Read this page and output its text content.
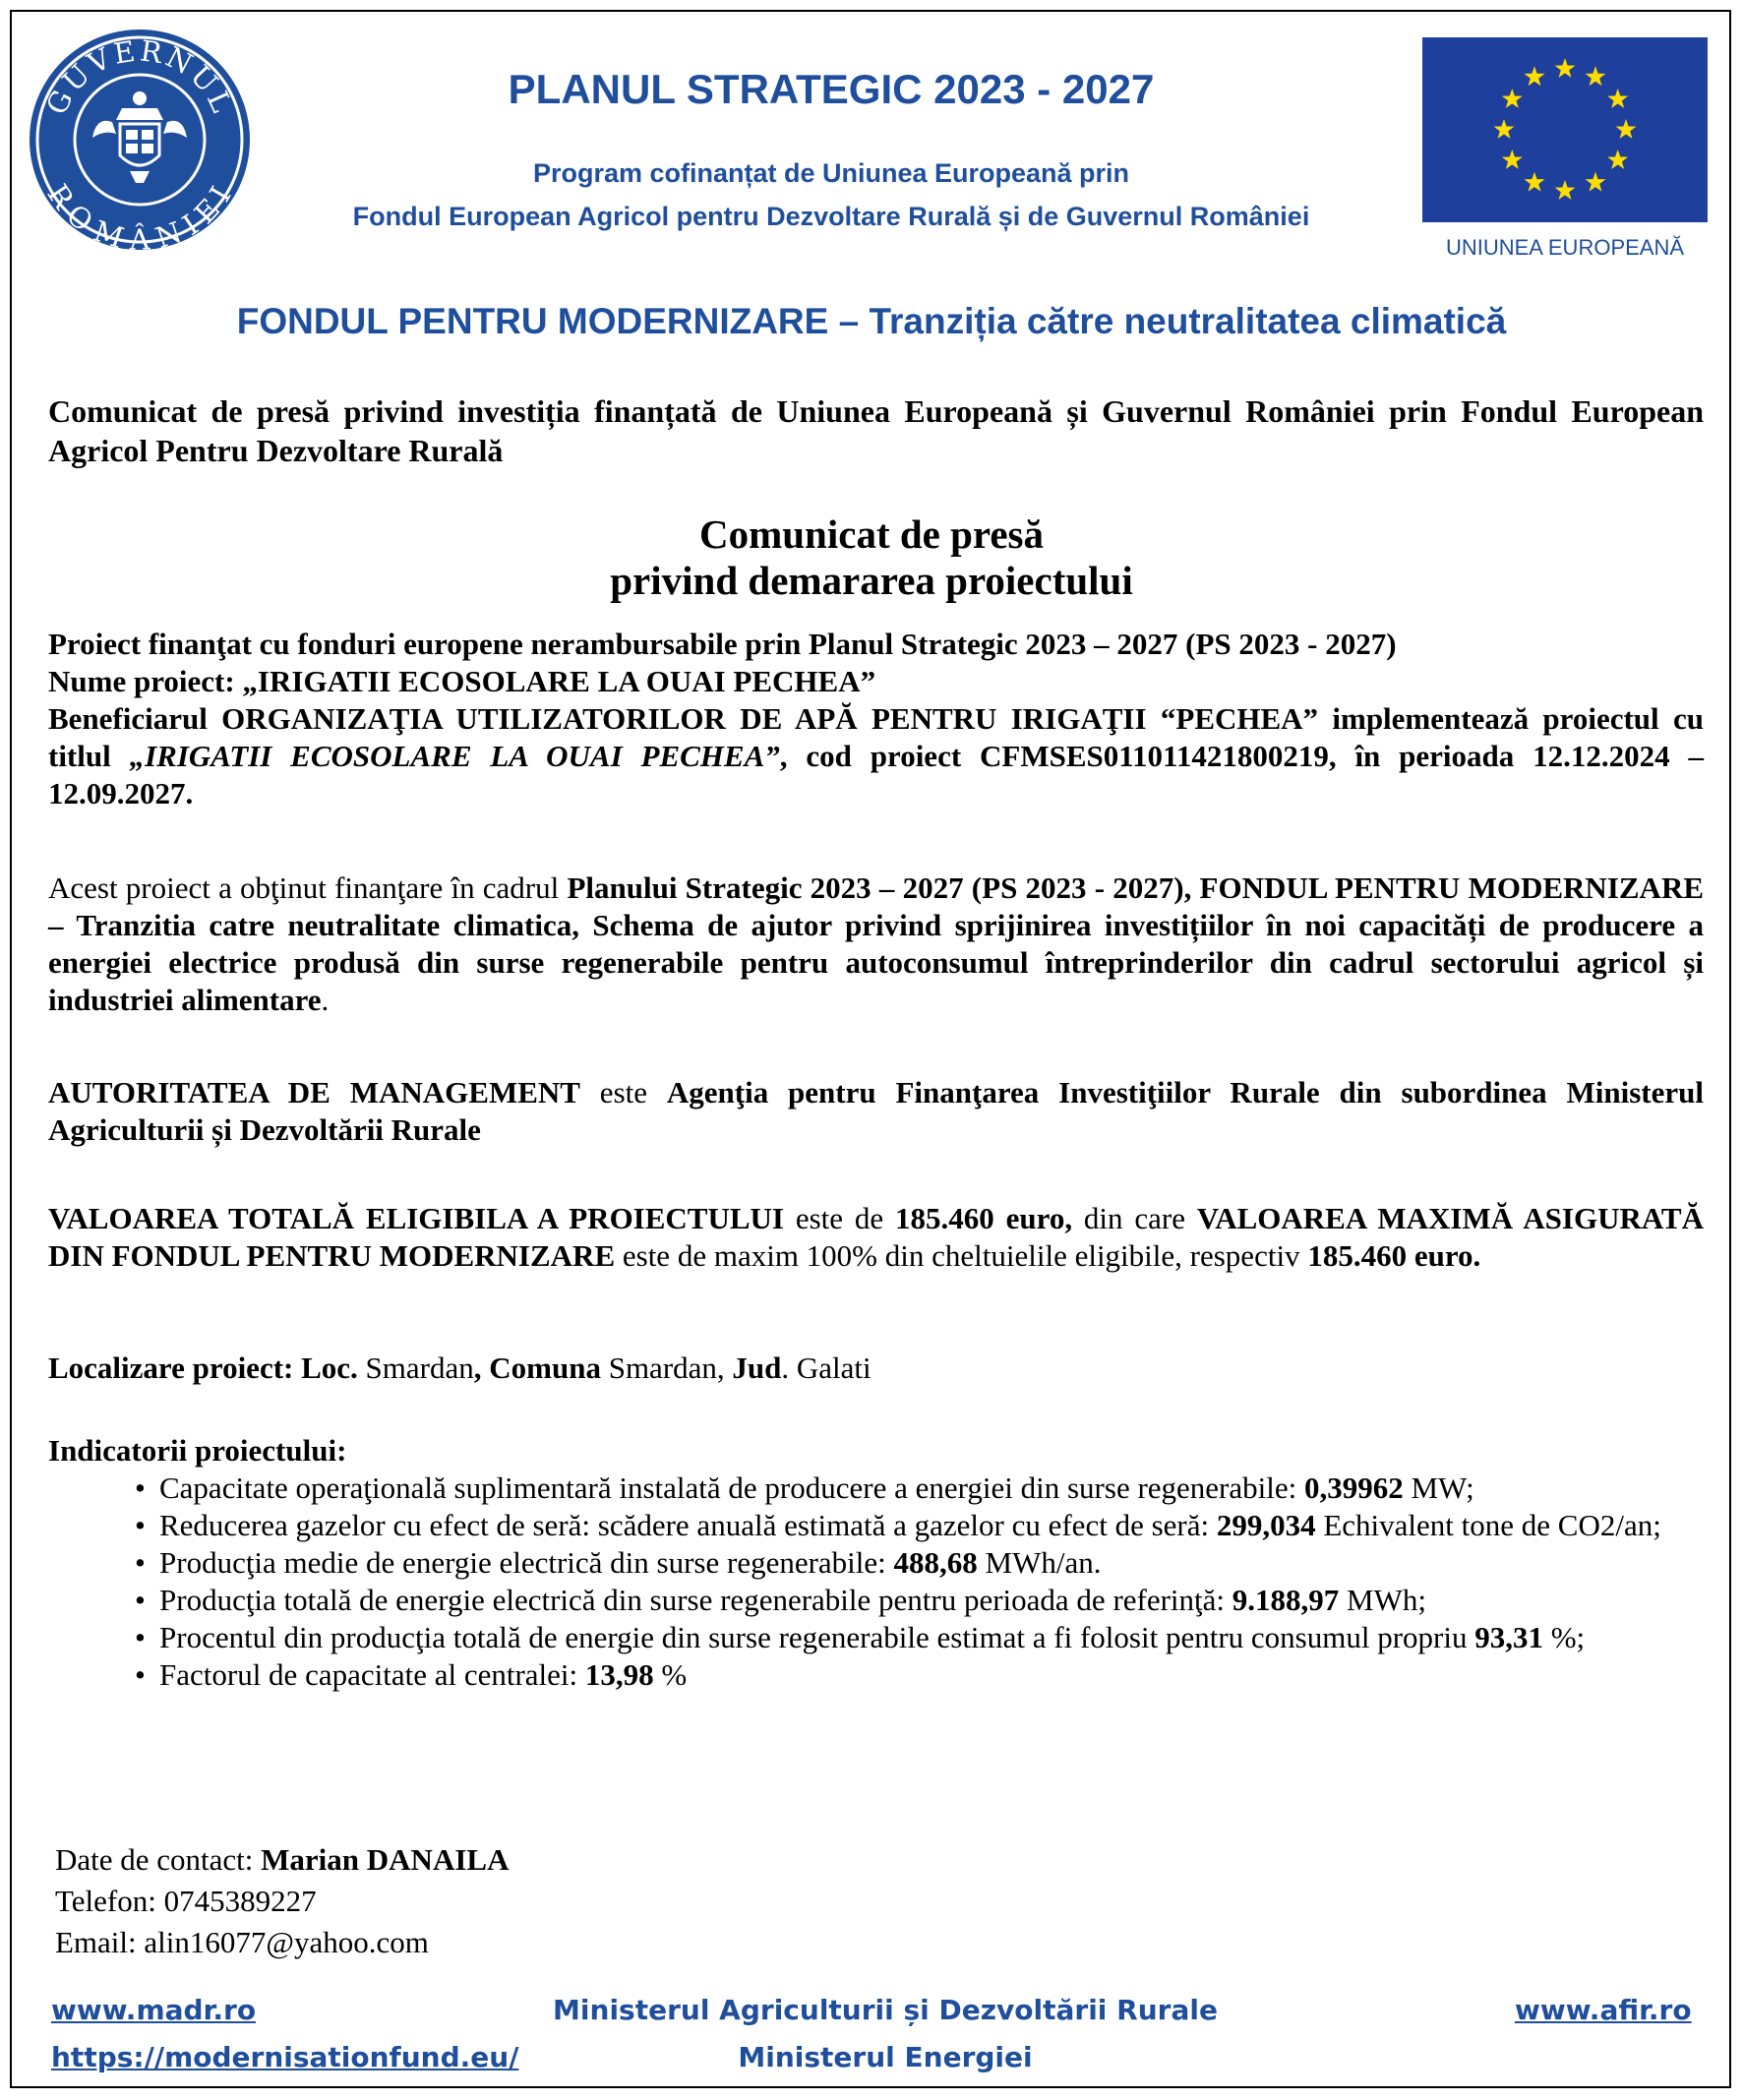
GUVERNUL
ROMÂNIEI
PLANUL STRATEGIC 2023 - 2027
Program cofinanțat de Uniunea Europeană prin
Fondul European Agricol pentru Dezvoltare Rurală și de Guvernul României
UNIUNEA EUROPEANĂ
FONDUL PENTRU MODERNIZARE – Tranziția către neutralitatea climatică
Comunicat de presă privind investiția finanțată de Uniunea Europeană și Guvernul României prin Fondul European Agricol Pentru Dezvoltare Rurală
Comunicat de presă
privind demararea proiectului
Proiect finanţat cu fonduri europene nerambursabile prin Planul Strategic 2023 – 2027 (PS 2023 - 2027)
Nume proiect: „IRIGATII ECOSOLARE LA OUAI PECHEA”
Beneficiarul ORGANIZAŢIA UTILIZATORILOR DE APĂ PENTRU IRIGAŢII “PECHEA” implementează proiectul cu titlul „IRIGATII ECOSOLARE LA OUAI PECHEA”, cod proiect CFMSES011011421800219, în perioada 12.12.2024 – 12.09.2027.
Acest proiect a obţinut finanţare în cadrul Planului Strategic 2023 – 2027 (PS 2023 - 2027), FONDUL PENTRU MODERNIZARE – Tranzitia catre neutralitate climatica, Schema de ajutor privind sprijinirea investițiilor în noi capacități de producere a energiei electrice produsă din surse regenerabile pentru autoconsumul întreprinderilor din cadrul sectorului agricol și industriei alimentare.
AUTORITATEA DE MANAGEMENT este Agenţia pentru Finanţarea Investiţiilor Rurale din subordinea Ministerul Agriculturii și Dezvoltării Rurale
VALOAREA TOTALĂ ELIGIBILA A PROIECTULUI este de 185.460 euro, din care VALOAREA MAXIMĂ ASIGURATĂ DIN FONDUL PENTRU MODERNIZARE este de maxim 100% din cheltuielile eligibile, respectiv 185.460 euro.
Localizare proiect: Loc. Smardan, Comuna Smardan, Jud. Galati
Indicatorii proiectului:
• Capacitate operaţională suplimentară instalată de producere a energiei din surse regenerabile: 0,39962 MW;
• Reducerea gazelor cu efect de seră: scădere anuală estimată a gazelor cu efect de seră: 299,034 Echivalent tone de CO2/an;
• Producţia medie de energie electrică din surse regenerabile: 488,68 MWh/an.
• Producţia totală de energie electrică din surse regenerabile pentru perioada de referinţă: 9.188,97 MWh;
• Procentul din producţia totală de energie din surse regenerabile estimat a fi folosit pentru consumul propriu 93,31 %;
• Factorul de capacitate al centralei: 13,98 %
Date de contact: Marian DANAILA
Telefon: 0745389227
Email: alin16077@yahoo.com
www.madr.ro
https://modernisationfund.eu/
Ministerul Agriculturii și Dezvoltării Rurale
Ministerul Energiei
www.afir.ro
